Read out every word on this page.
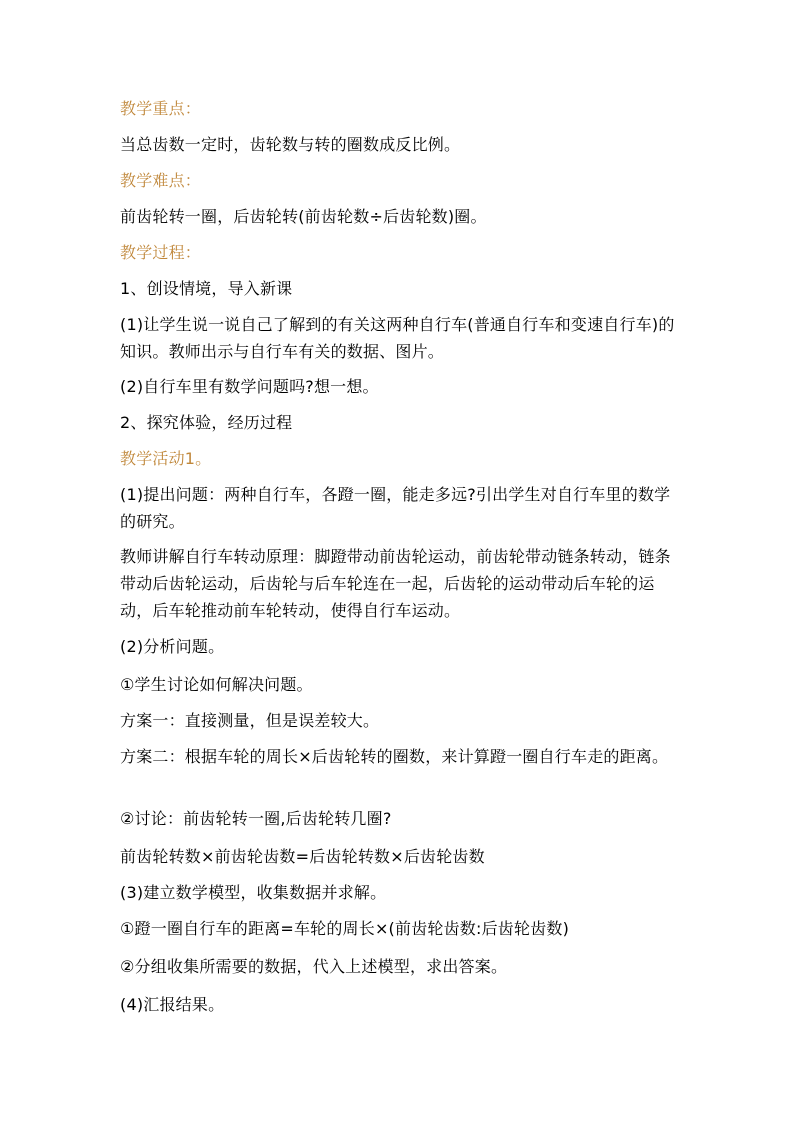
教学重点：
当总齿数一定时，齿轮数与转的圈数成反比例。
教学难点：
前齿轮转一圈，后齿轮转(前齿轮数÷后齿轮数)圈。
教学过程：
1、创设情境，导入新课
(1)让学生说一说自己了解到的有关这两种自行车(普通自行车和变速自行车)的知识。教师出示与自行车有关的数据、图片。
(2)自行车里有数学问题吗?想一想。
2、探究体验，经历过程
教学活动1。
(1)提出问题：两种自行车，各蹬一圈，能走多远?引出学生对自行车里的数学的研究。
教师讲解自行车转动原理：脚蹬带动前齿轮运动，前齿轮带动链条转动，链条带动后齿轮运动，后齿轮与后车轮连在一起，后齿轮的运动带动后车轮的运动，后车轮推动前车轮转动，使得自行车运动。
(2)分析问题。
①学生讨论如何解决问题。
方案一：直接测量，但是误差较大。
方案二：根据车轮的周长×后齿轮转的圈数，来计算蹬一圈自行车走的距离。
②讨论：前齿轮转一圈,后齿轮转几圈?
前齿轮转数×前齿轮齿数=后齿轮转数×后齿轮齿数
(3)建立数学模型，收集数据并求解。
①蹬一圈自行车的距离=车轮的周长×(前齿轮齿数:后齿轮齿数)
②分组收集所需要的数据，代入上述模型，求出答案。
(4)汇报结果。
